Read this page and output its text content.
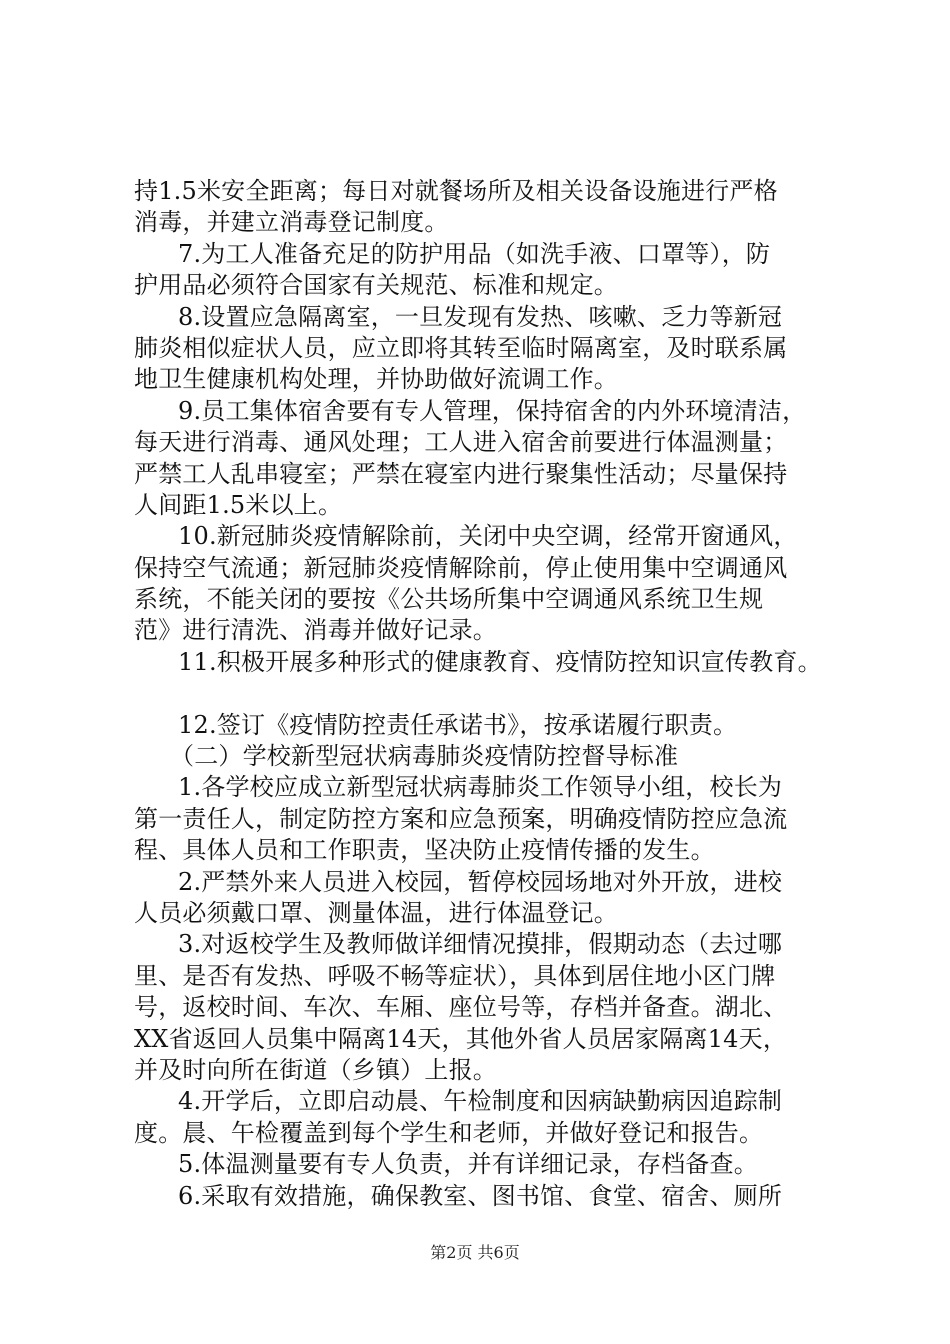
持1.5米安全距离；每日对就餐场所及相关设备设施进行严格
消毒，并建立消毒登记制度。
7.为工人准备充足的防护用品（如洗手液、口罩等），防
护用品必须符合国家有关规范、标准和规定。
8.设置应急隔离室，一旦发现有发热、咳嗽、乏力等新冠
肺炎相似症状人员，应立即将其转至临时隔离室，及时联系属
地卫生健康机构处理，并协助做好流调工作。
9.员工集体宿舍要有专人管理，保持宿舍的内外环境清洁，
每天进行消毒、通风处理；工人进入宿舍前要进行体温测量；
严禁工人乱串寝室；严禁在寝室内进行聚集性活动；尽量保持
人间距1.5米以上。
10.新冠肺炎疫情解除前，关闭中央空调，经常开窗通风，
保持空气流通；新冠肺炎疫情解除前，停止使用集中空调通风
系统，不能关闭的要按《公共场所集中空调通风系统卫生规
范》进行清洗、消毒并做好记录。
11.积极开展多种形式的健康教育、疫情防控知识宣传教育。
12.签订《疫情防控责任承诺书》，按承诺履行职责。
（二）学校新型冠状病毒肺炎疫情防控督导标准
1.各学校应成立新型冠状病毒肺炎工作领导小组，校长为
第一责任人，制定防控方案和应急预案，明确疫情防控应急流
程、具体人员和工作职责，坚决防止疫情传播的发生。
2.严禁外来人员进入校园，暂停校园场地对外开放，进校
人员必须戴口罩、测量体温，进行体温登记。
3.对返校学生及教师做详细情况摸排，假期动态（去过哪
里、是否有发热、呼吸不畅等症状），具体到居住地小区门牌
号，返校时间、车次、车厢、座位号等，存档并备查。湖北、
XX省返回人员集中隔离14天，其他外省人员居家隔离14天，
并及时向所在街道（乡镇）上报。
4.开学后，立即启动晨、午检制度和因病缺勤病因追踪制
度。晨、午检覆盖到每个学生和老师，并做好登记和报告。
5.体温测量要有专人负责，并有详细记录，存档备查。
6.采取有效措施，确保教室、图书馆、食堂、宿舍、厕所
第2页 共6页
